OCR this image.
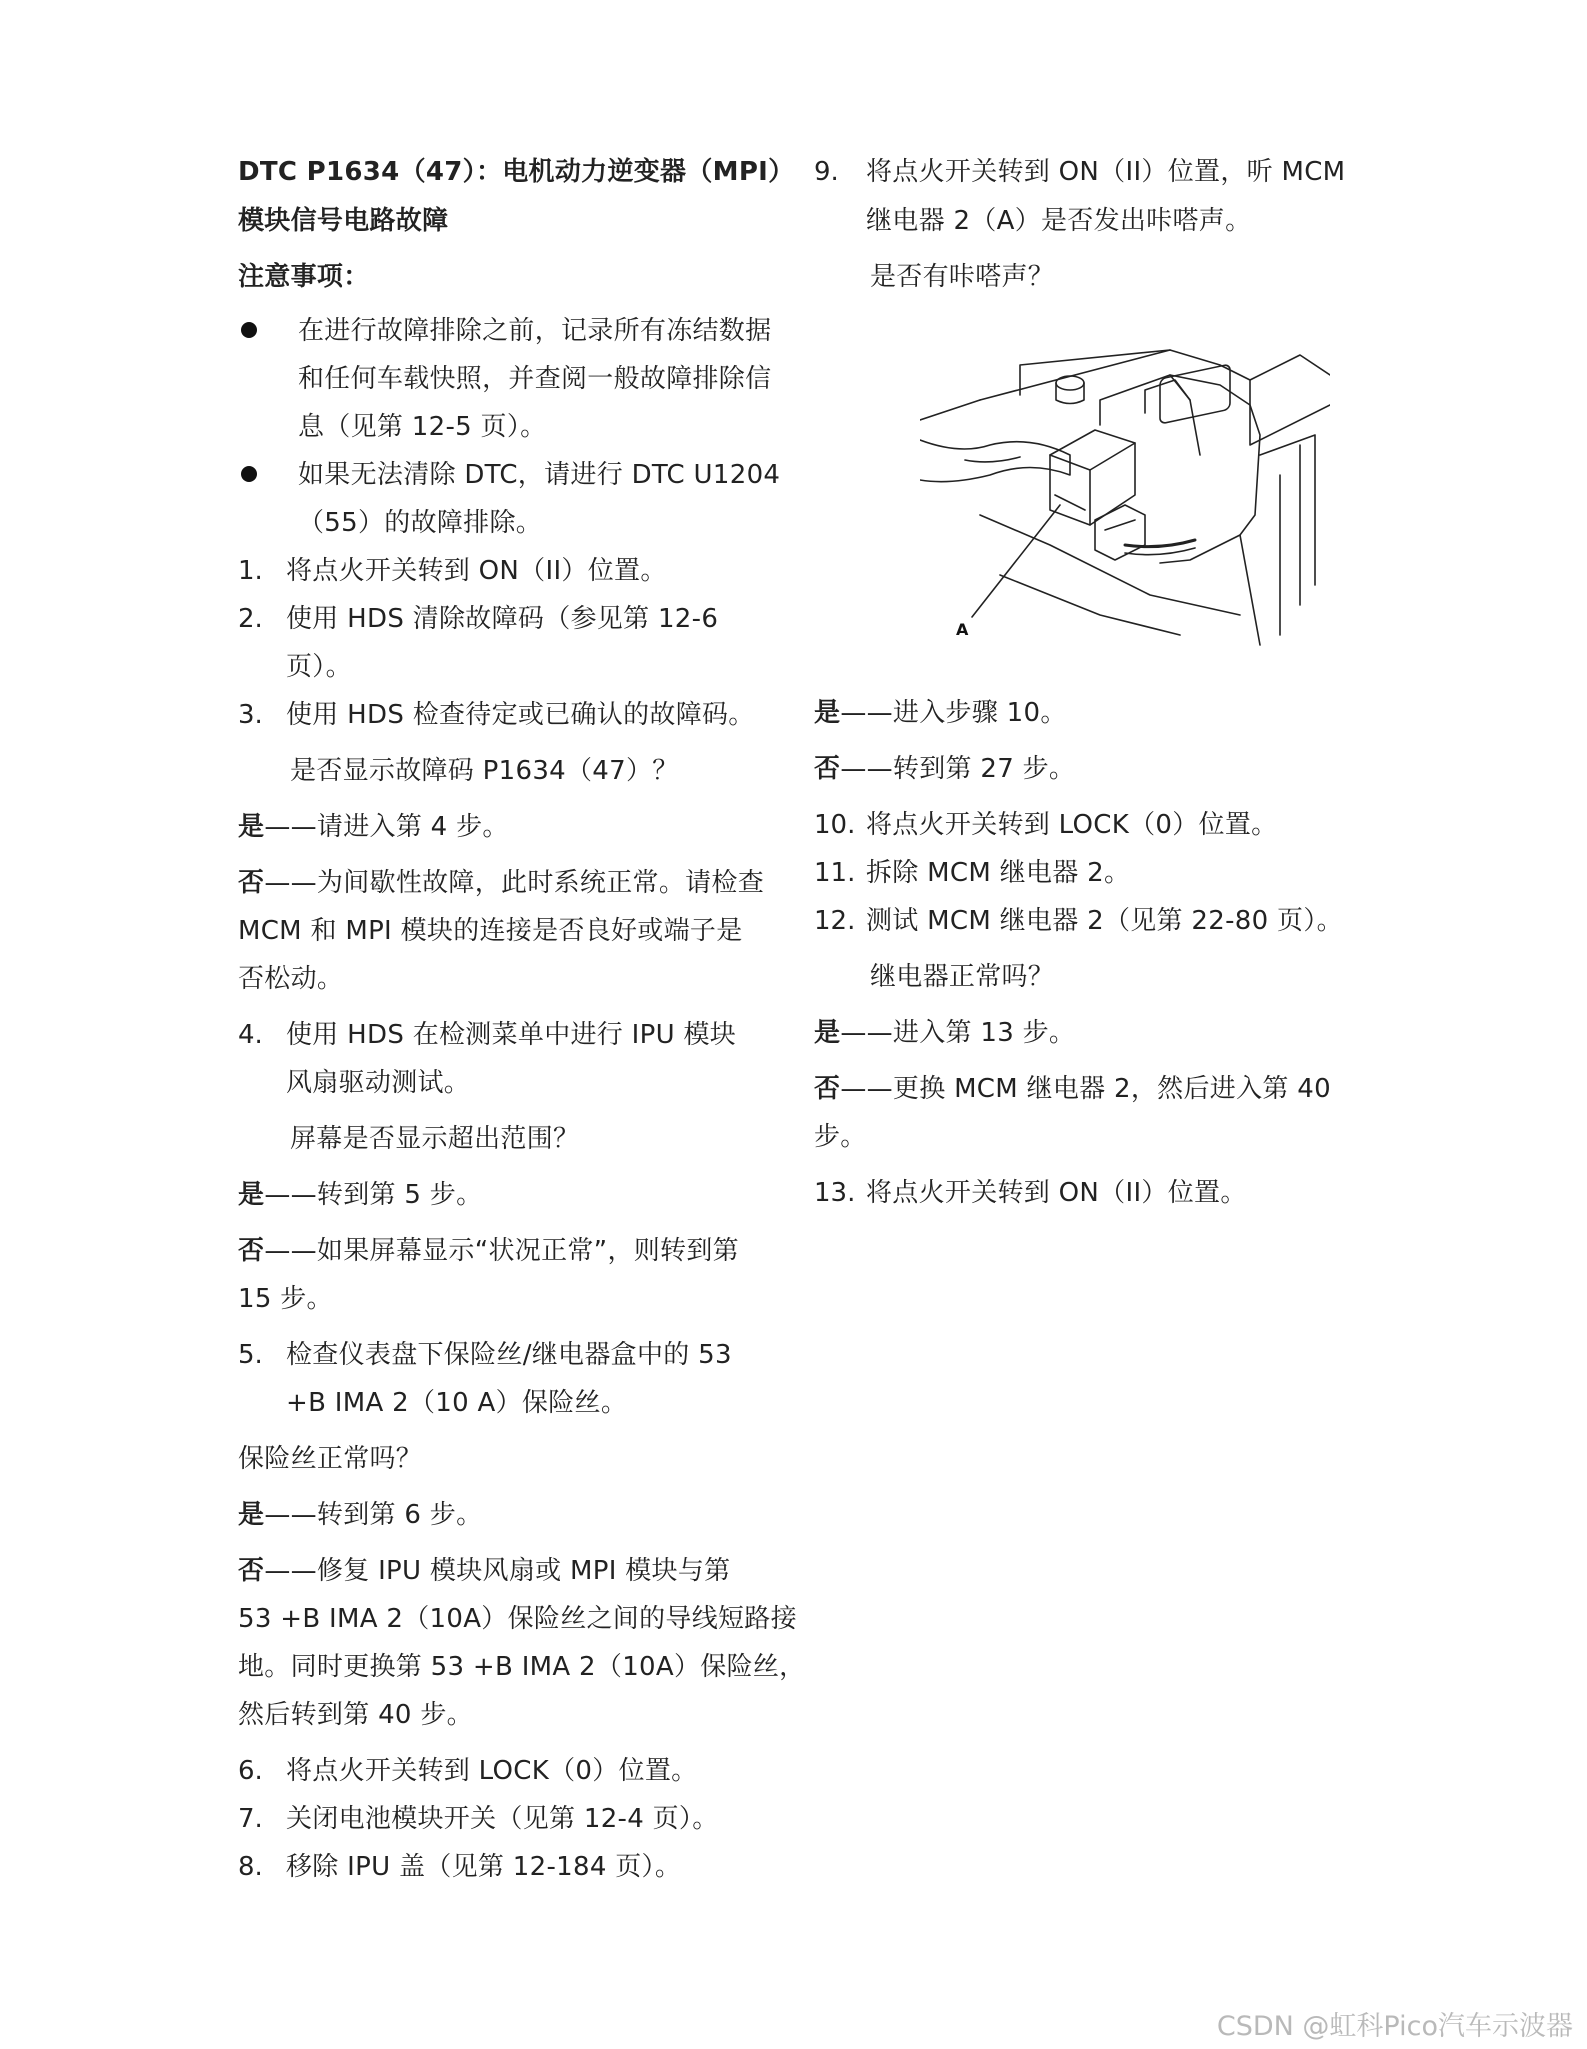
DTC P1634（47）：电机动力逆变器（MPI）
模块信号电路故障
注意事项：
在进行故障排除之前，记录所有冻结数据
和任何车载快照，并查阅一般故障排除信
息（见第 12-5 页）。
如果无法清除 DTC，请进行 DTC U1204
（55）的故障排除。
1. 将点火开关转到 ON（II）位置。
2. 使用 HDS 清除故障码（参见第 12-6
页）。
3. 使用 HDS 检查待定或已确认的故障码。
是否显示故障码 P1634（47）？
是——请进入第 4 步。
否——为间歇性故障，此时系统正常。请检查
MCM 和 MPI 模块的连接是否良好或端子是
否松动。
4. 使用 HDS 在检测菜单中进行 IPU 模块
风扇驱动测试。
屏幕是否显示超出范围？
是——转到第 5 步。
否——如果屏幕显示“状况正常”，则转到第
15 步。
5. 检查仪表盘下保险丝/继电器盒中的 53
+B IMA 2（10 A）保险丝。
保险丝正常吗？
是——转到第 6 步。
否——修复 IPU 模块风扇或 MPI 模块与第
53 +B IMA 2（10A）保险丝之间的导线短路接
地。同时更换第 53 +B IMA 2（10A）保险丝，
然后转到第 40 步。
6. 将点火开关转到 LOCK（0）位置。
7. 关闭电池模块开关（见第 12-4 页）。
8. 移除 IPU 盖（见第 12-184 页）。
9. 将点火开关转到 ON（II）位置，听 MCM
继电器 2（A）是否发出咔嗒声。
是否有咔嗒声？
A
是——进入步骤 10。
否——转到第 27 步。
10. 将点火开关转到 LOCK（0）位置。
11. 拆除 MCM 继电器 2。
12. 测试 MCM 继电器 2（见第 22-80 页）。
继电器正常吗？
是——进入第 13 步。
否——更换 MCM 继电器 2，然后进入第 40
步。
13. 将点火开关转到 ON（II）位置。
CSDN @虹科Pico汽车示波器
